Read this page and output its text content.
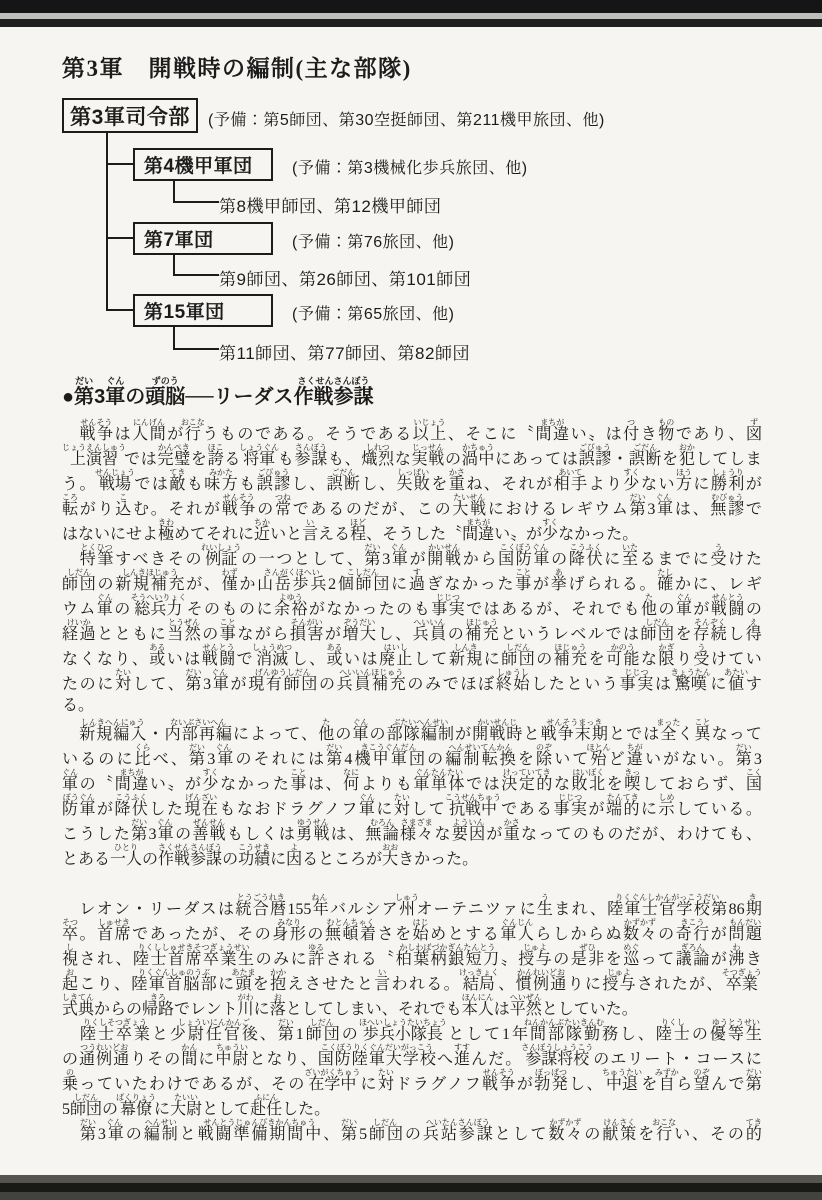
第3軍　開戦時の編制(主な部隊)
第3軍司令部 (予備：第5師団、第30空挺師団、第211機甲旅団、他)
第4機甲軍団	(予備：第3機械化歩兵旅団、他)
第8機甲師団、第12機甲師団
第7軍団	(予備：第76旅団、他)
第9師団、第26師団、第101師団
第15軍団	(予備：第65旅団、他)
第11師団、第77師団、第82師団
●第だい3軍ぐんの頭脳ずのう──リーダス作戦参謀さくせんさんぼう
　戦争せんそうは人間にんげんが行おこなうものである。そうである以上いじょう、そこに〝間違まちがい〟は付つき物ものであり、図ず
上演習じょうえんしゅうでは完璧かんぺきを誇ほこる将軍しょうぐんも参謀さんぼうも、熾烈しれつな実戦じっせんの渦中かちゅうにあっては誤謬ごびゅう・誤断ごだんを犯おかしてしま
う。戦場せんじょうでは敵てきも味方みかたも誤謬ごびゅうし、誤断ごだんし、失敗しっぱいを重かさね、それが相手あいてより少すくない方ほうに勝利しょうりが
転ころがり込こむ。それが戦争せんそうの常つねであるのだが、この大戦たいせんにおけるレギウム第だい3軍ぐんは、無謬むびゅうで
はないにせよ極きわめてそれに近ちかいと言いえる程ほど、そうした〝間違まちがい〟が少すくなかった。
　特筆とくひつすべきその例証れいしょうの一つとして、第だい3軍ぐんが開戦かいせんから国防軍こくぼうぐんの降伏こうふくに至いたるまでに受うけた
師団しだんの新規補充しんきほじゅうが、僅わずか山岳歩兵さんがくほへい2個師団こしだんに過すぎなかった事ことが挙あげられる。確たしかに、レギ
ウム軍ぐんの総兵力そうへいりょくそのものに余裕よゆうがなかったのも事実じじつではあるが、それでも他たの軍ぐんが戦闘せんとうの
経過けいかとともに当然とうぜんの事ことながら損害そんがいが増大ぞうだいし、兵員へいいんの補充ほじゅうというレベルでは師団しだんを存続そんぞくし得え
なくなり、或あるいは戦闘せんとうで消滅しょうめつし、或あるいは廃止はいしして新規しんきに師団しだんの補充ほじゅうを可能かのうな限かぎり受うけてい
たのに対たいして、第だい3軍ぐんが現有師団げんゆうしだんの兵員補充へいいんほじゅうのみでほぼ終始しゅうししたという事実じじつは驚嘆きょうたんに値あたいす
る。
　新規編入しんきへんにゅう・内部再編ないぶさいへんによって、他たの軍ぐんの部隊編制ぶたいへんせいが開戦時かいせんじと戦争末期せんそうまっきとでは全まったく異ことなって
いるのに比くらべ、第だい3軍ぐんのそれには第だい4機甲軍団きこうぐんだんの編制転換へんせいてんかんを除のぞいて殆ほとんど違ちがいがない。第だい3
軍ぐんの〝間違まちがい〟が少すくなかった事ことは、何なによりも軍単体ぐんたんたいでは決定的けっていてきな敗北はいぼくを喫きっしておらず、国こく
防軍ぼうぐんが降伏こうふくした現在げんざいもなおドラグノフ軍ぐんに対たいして抗戦中こうせんちゅうである事実じじつが端的たんてきに示しめしている。
こうした第だい3軍ぐんの善戦ぜんせんもしくは勇戦ゆうせんは、無論むろん様々さまざまな要因よういんが重かさなってのものだが、わけても、
とある一人ひとりの作戦参謀さくせんさんぼうの功績こうせきに因よるところが大おおきかった。
　レオン・リーダスは統合暦とうごうれき155年ねんバルシア州しゅうオーテニツァに生うまれ、陸軍士官学校第りくぐんしかんがっこうだい86期き
卒そつ。首席しゅせきであったが、その身形みなりの無頓着むとんちゃくさを始はじめとする軍人ぐんじんらしからぬ数々かずかずの奇行きこうが問題もんだい
視しされ、陸士首席卒業生りくししゅせきそつぎょうせいのみに許ゆるされる〝柏葉柄銀短刀かしわばづかぎんたんとう〟授与じゅよの是非ぜひを巡めぐって議論ぎろんが沸わき
起おこり、陸軍首脳部りくぐんしゅのうぶに頭あたまを抱かかえさせたと言いわれる。結局けっきょく、慣例通かんれいどおりに授与じゅよされたが、卒業そつぎょう
式典しきてんからの帰路きろでレント川がわに落おとしてしまい、それでも本人ほんにんは平然へいぜんとしていた。
　陸士卒業りくしそつぎょうと少尉任官後しょういにんかんご、第だい1師団しだんの歩兵小隊長ほへいしょうたいちょうとして1年間部隊勤務ねんかんぶたいきんむし、陸士りくしの優等生ゆうとうせい
の通例通つうれいどおりその間かんに中尉ちゅういとなり、国防陸軍大学校こくぼうりくぐんだいがっこうへ進すすんだ。参謀将校さんぼうしょうこうのエリート・コースに
乗のっていたわけであるが、その在学中ざいがくちゅうに対たいドラグノフ戦争せんそうが勃発ぼっぱつし、中退ちゅうたいを自みずから望のぞんで第だい
5師団しだんの幕僚ばくりょうに大尉たいいとして赴任ふにんした。
　第だい3軍ぐんの編制へんせいと戦闘準備期間中せんとうじゅんびきかんちゅう、第だい5師団しだんの兵站参謀へいたんさんぼうとして数々かずかずの献策けんさくを行おこない、その的てき
